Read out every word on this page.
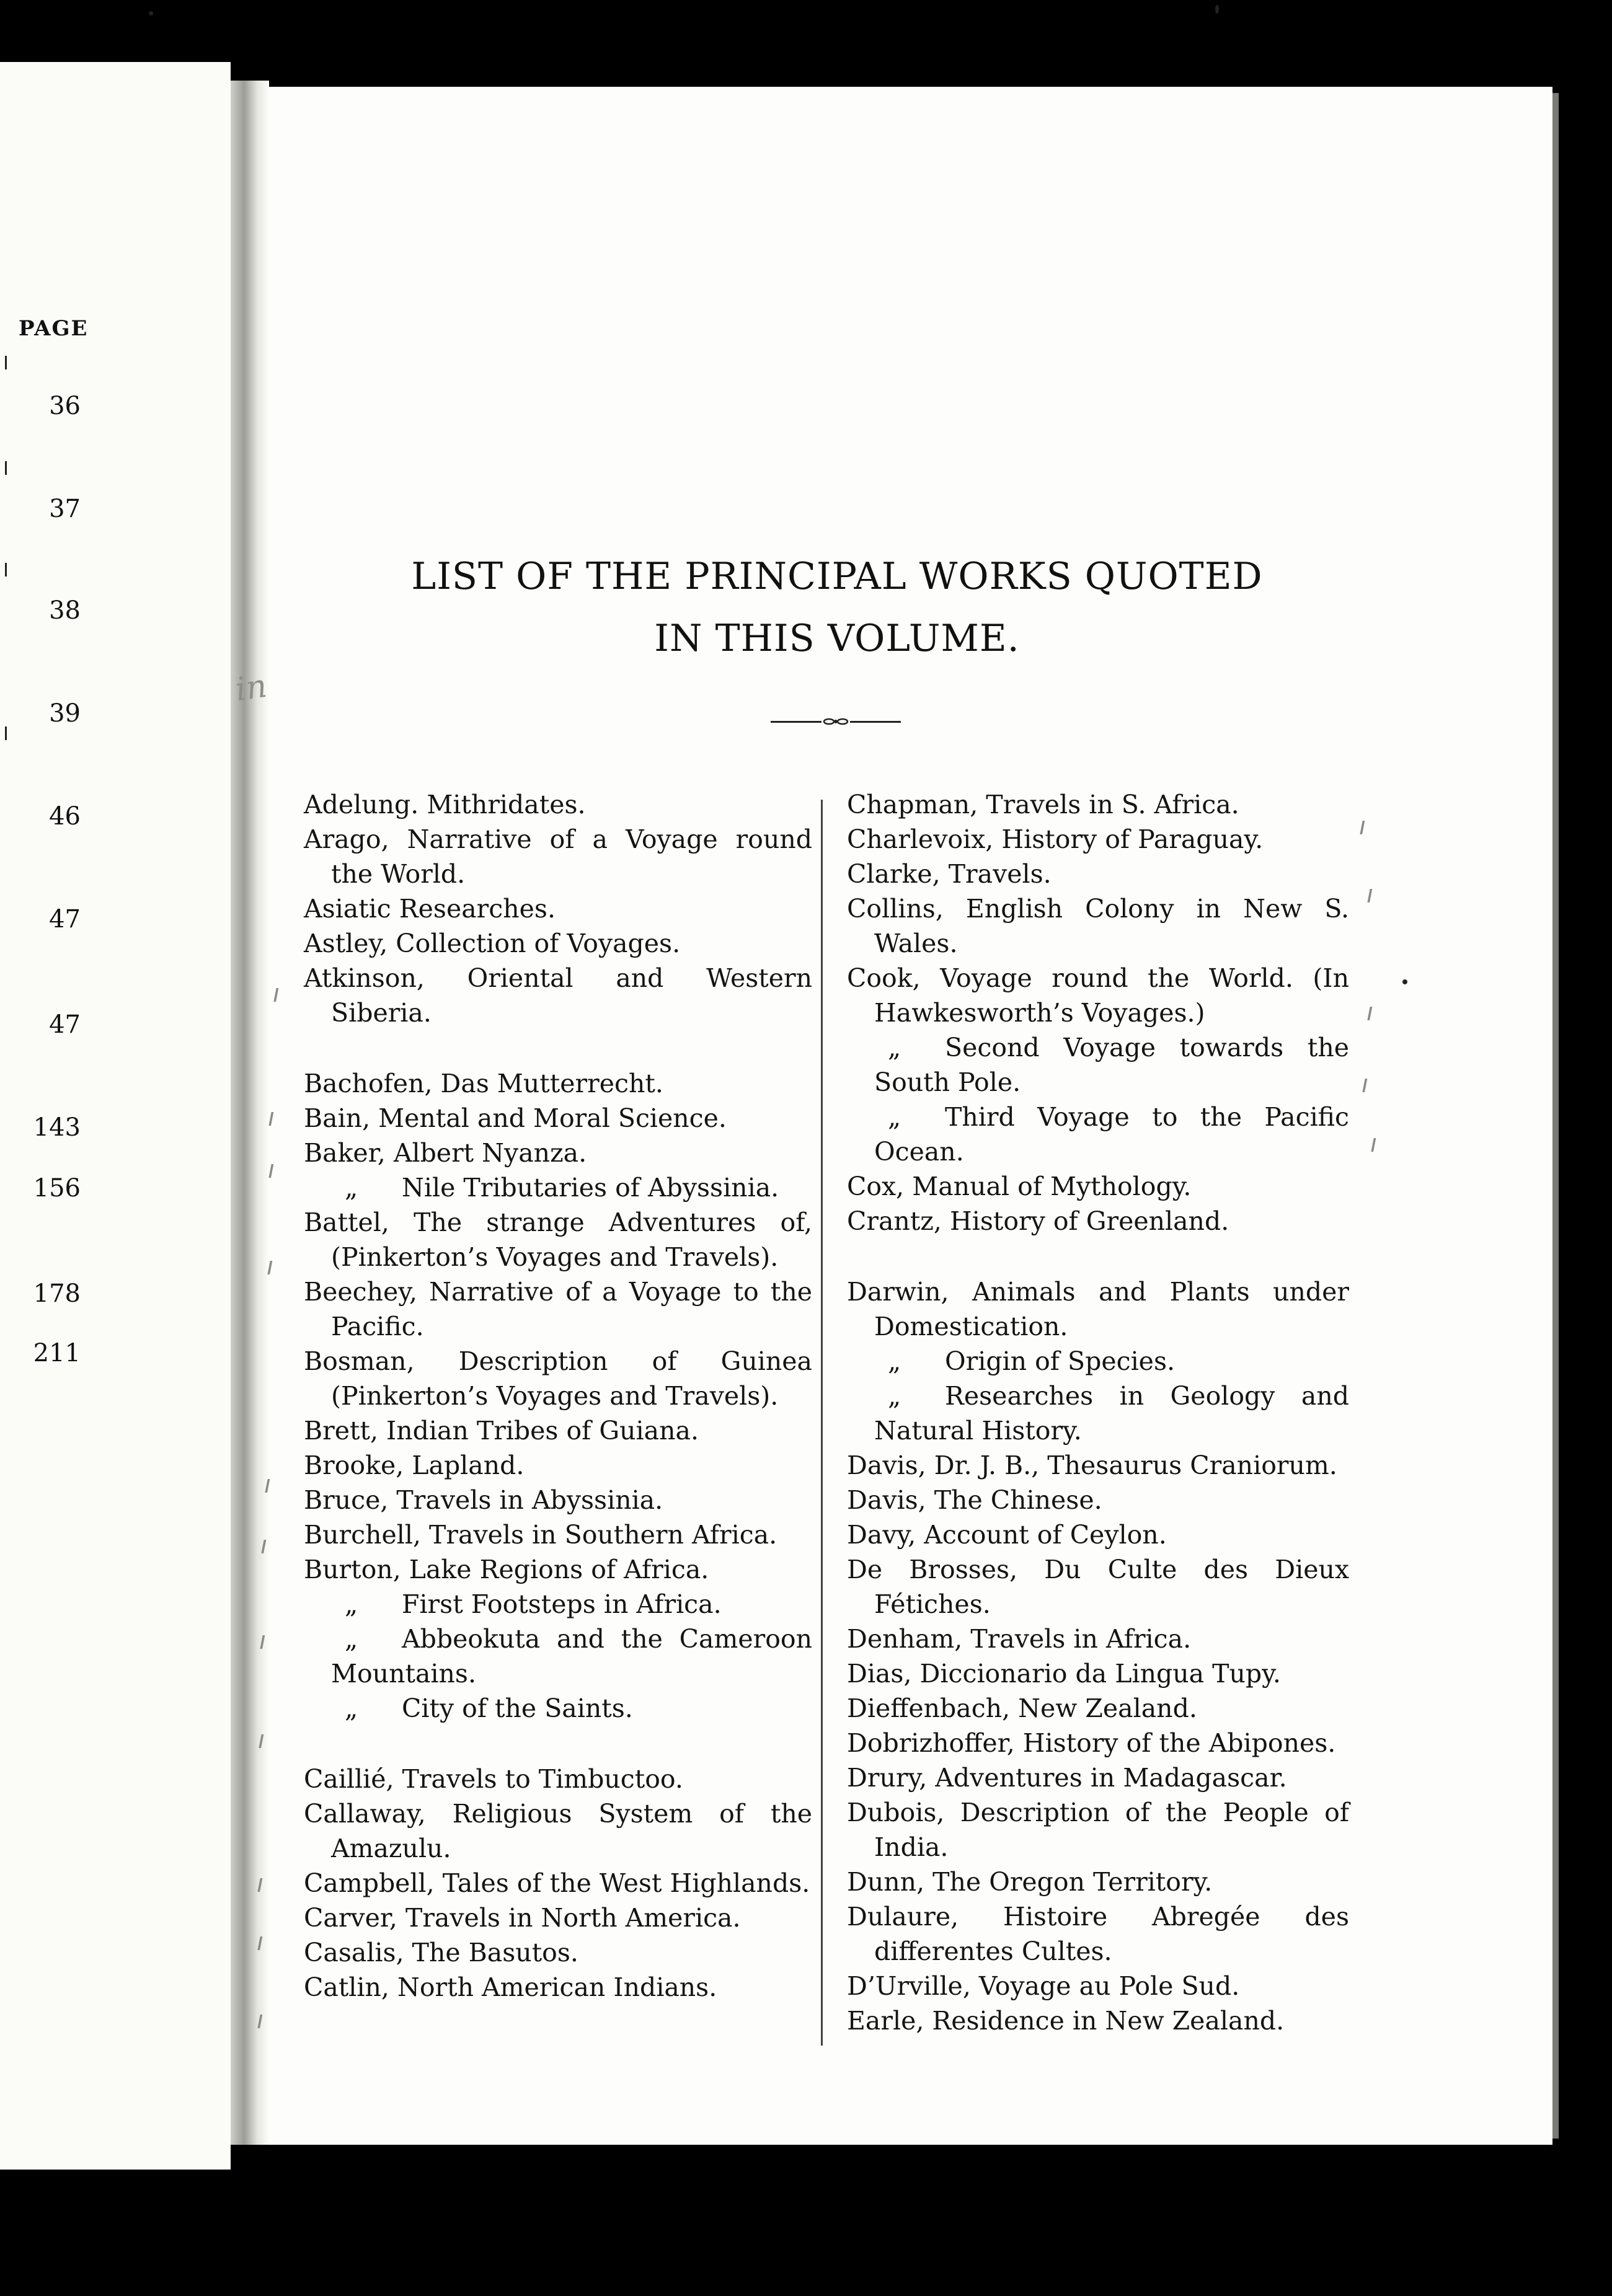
PAGE
36
37
38
39
46
47
47
143
156
178
211
LIST OF THE PRINCIPAL WORKS QUOTED
IN THIS VOLUME.
in
Adelung. Mithridates.
Arago, Narrative of a Voyage round the World.
Asiatic Researches.
Astley, Collection of Voyages.
Atkinson, Oriental and Western Siberia.
Bachofen, Das Mutterrecht.
Bain, Mental and Moral Science.
Baker, Albert Nyanza.
„ Nile Tributaries of Abyssinia.
Battel, The strange Adventures of, (Pinkerton’s Voyages and Travels).
Beechey, Narrative of a Voyage to the Pacific.
Bosman, Description of Guinea (Pinkerton’s Voyages and Travels).
Brett, Indian Tribes of Guiana.
Brooke, Lapland.
Bruce, Travels in Abyssinia.
Burchell, Travels in Southern Africa.
Burton, Lake Regions of Africa.
„ First Footsteps in Africa.
„ Abbeokuta and the Cameroon Mountains.
„ City of the Saints.
Caillié, Travels to Timbuctoo.
Callaway, Religious System of the Amazulu.
Campbell, Tales of the West Highlands.
Carver, Travels in North America.
Casalis, The Basutos.
Catlin, North American Indians.
Chapman, Travels in S. Africa.
Charlevoix, History of Paraguay.
Clarke, Travels.
Collins, English Colony in New S. Wales.
Cook, Voyage round the World. (In Hawkesworth’s Voyages.)
„ Second Voyage towards the South Pole.
„ Third Voyage to the Pacific Ocean.
Cox, Manual of Mythology.
Crantz, History of Greenland.
Darwin, Animals and Plants under Domestication.
„ Origin of Species.
„ Researches in Geology and Natural History.
Davis, Dr. J. B., Thesaurus Craniorum.
Davis, The Chinese.
Davy, Account of Ceylon.
De Brosses, Du Culte des Dieux Fétiches.
Denham, Travels in Africa.
Dias, Diccionario da Lingua Tupy.
Dieffenbach, New Zealand.
Dobrizhoffer, History of the Abipones.
Drury, Adventures in Madagascar.
Dubois, Description of the People of India.
Dunn, The Oregon Territory.
Dulaure, Histoire Abregée des differentes Cultes.
D’Urville, Voyage au Pole Sud.
Earle, Residence in New Zealand.
ı
ı
ı
ı
ı
ı
ı
ı
ı
ı
ı
ı
ı
ı
ı
ı
